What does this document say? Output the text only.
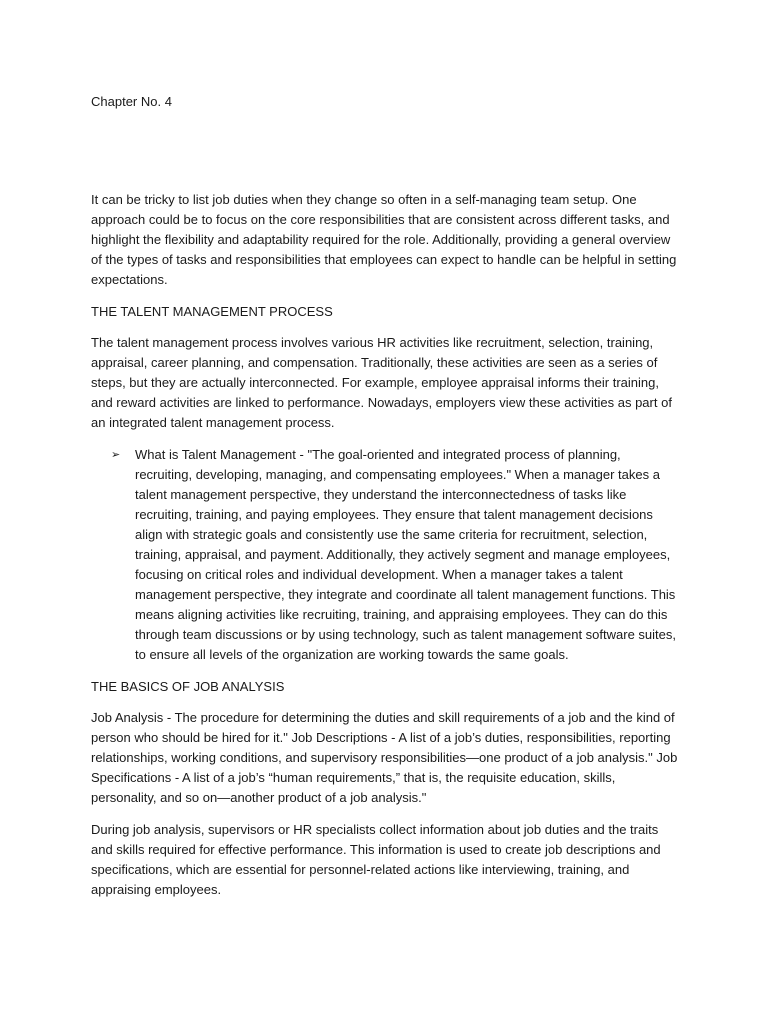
Chapter No. 4

It can be tricky to list job duties when they change so often in a self-managing team setup. One approach could be to focus on the core responsibilities that are consistent across different tasks, and highlight the flexibility and adaptability required for the role. Additionally, providing a general overview of the types of tasks and responsibilities that employees can expect to handle can be helpful in setting expectations.

THE TALENT MANAGEMENT PROCESS

The talent management process involves various HR activities like recruitment, selection, training, appraisal, career planning, and compensation. Traditionally, these activities are seen as a series of steps, but they are actually interconnected. For example, employee appraisal informs their training, and reward activities are linked to performance. Nowadays, employers view these activities as part of an integrated talent management process.

➢ What is Talent Management - "The goal-oriented and integrated process of planning, recruiting, developing, managing, and compensating employees." When a manager takes a talent management perspective, they understand the interconnectedness of tasks like recruiting, training, and paying employees. They ensure that talent management decisions align with strategic goals and consistently use the same criteria for recruitment, selection, training, appraisal, and payment. Additionally, they actively segment and manage employees, focusing on critical roles and individual development. When a manager takes a talent management perspective, they integrate and coordinate all talent management functions. This means aligning activities like recruiting, training, and appraising employees. They can do this through team discussions or by using technology, such as talent management software suites, to ensure all levels of the organization are working towards the same goals.

THE BASICS OF JOB ANALYSIS

Job Analysis - The procedure for determining the duties and skill requirements of a job and the kind of person who should be hired for it." Job Descriptions - A list of a job’s duties, responsibilities, reporting relationships, working conditions, and supervisory responsibilities—one product of a job analysis." Job Specifications - A list of a job’s “human requirements,” that is, the requisite education, skills, personality, and so on—another product of a job analysis."

During job analysis, supervisors or HR specialists collect information about job duties and the traits and skills required for effective performance. This information is used to create job descriptions and specifications, which are essential for personnel-related actions like interviewing, training, and appraising employees.
